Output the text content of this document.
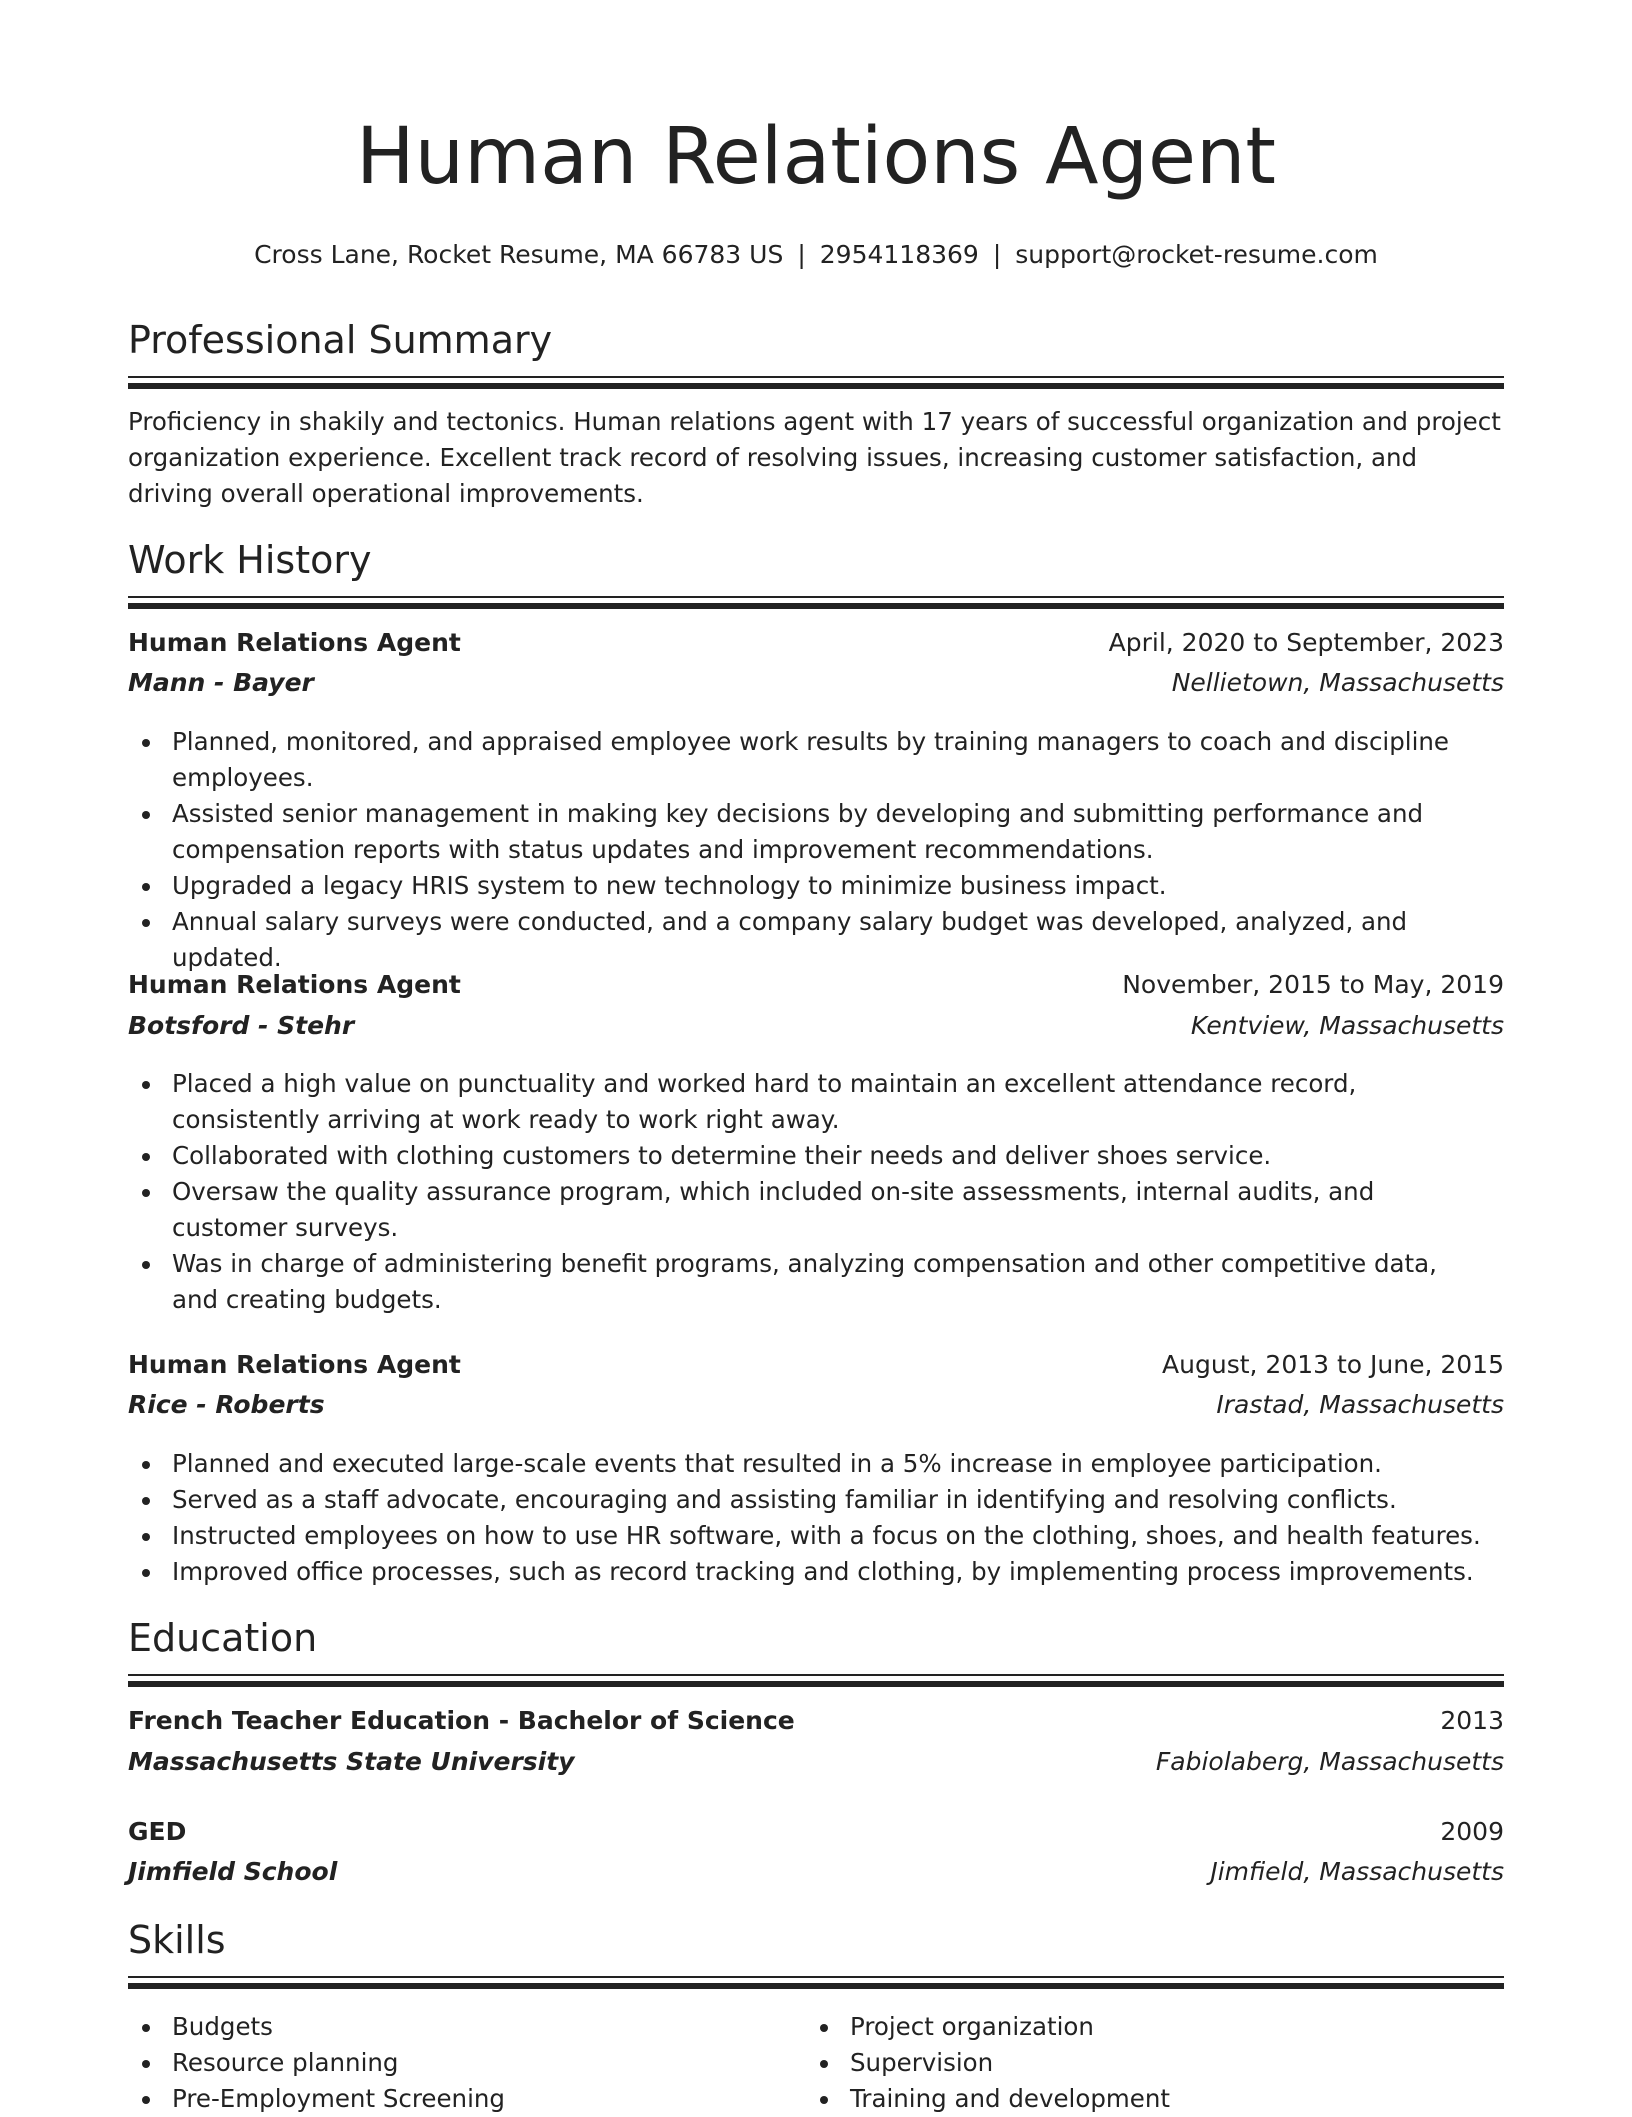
Human Relations Agent
Cross Lane, Rocket Resume, MA 66783 US | 2954118369 | support@rocket-resume.com
Professional Summary
Proficiency in shakily and tectonics. Human relations agent with 17 years of successful organization and project organization experience. Excellent track record of resolving issues, increasing customer satisfaction, and driving overall operational improvements.
Work History
Human Relations Agent	April, 2020 to September, 2023
Mann - Bayer	Nellietown, Massachusetts
Planned, monitored, and appraised employee work results by training managers to coach and discipline employees.
Assisted senior management in making key decisions by developing and submitting performance and compensation reports with status updates and improvement recommendations.
Upgraded a legacy HRIS system to new technology to minimize business impact.
Annual salary surveys were conducted, and a company salary budget was developed, analyzed, and updated.
Human Relations Agent	November, 2015 to May, 2019
Botsford - Stehr	Kentview, Massachusetts
Placed a high value on punctuality and worked hard to maintain an excellent attendance record, consistently arriving at work ready to work right away.
Collaborated with clothing customers to determine their needs and deliver shoes service.
Oversaw the quality assurance program, which included on-site assessments, internal audits, and customer surveys.
Was in charge of administering benefit programs, analyzing compensation and other competitive data, and creating budgets.
Human Relations Agent	August, 2013 to June, 2015
Rice - Roberts	Irastad, Massachusetts
Planned and executed large-scale events that resulted in a 5% increase in employee participation.
Served as a staff advocate, encouraging and assisting familiar in identifying and resolving conflicts.
Instructed employees on how to use HR software, with a focus on the clothing, shoes, and health features.
Improved office processes, such as record tracking and clothing, by implementing process improvements.
Education
French Teacher Education - Bachelor of Science	2013
Massachusetts State University	Fabiolaberg, Massachusetts
GED	2009
Jimfield School	Jimfield, Massachusetts
Skills
Budgets
Resource planning
Pre-Employment Screening
Project organization
Supervision
Training and development
